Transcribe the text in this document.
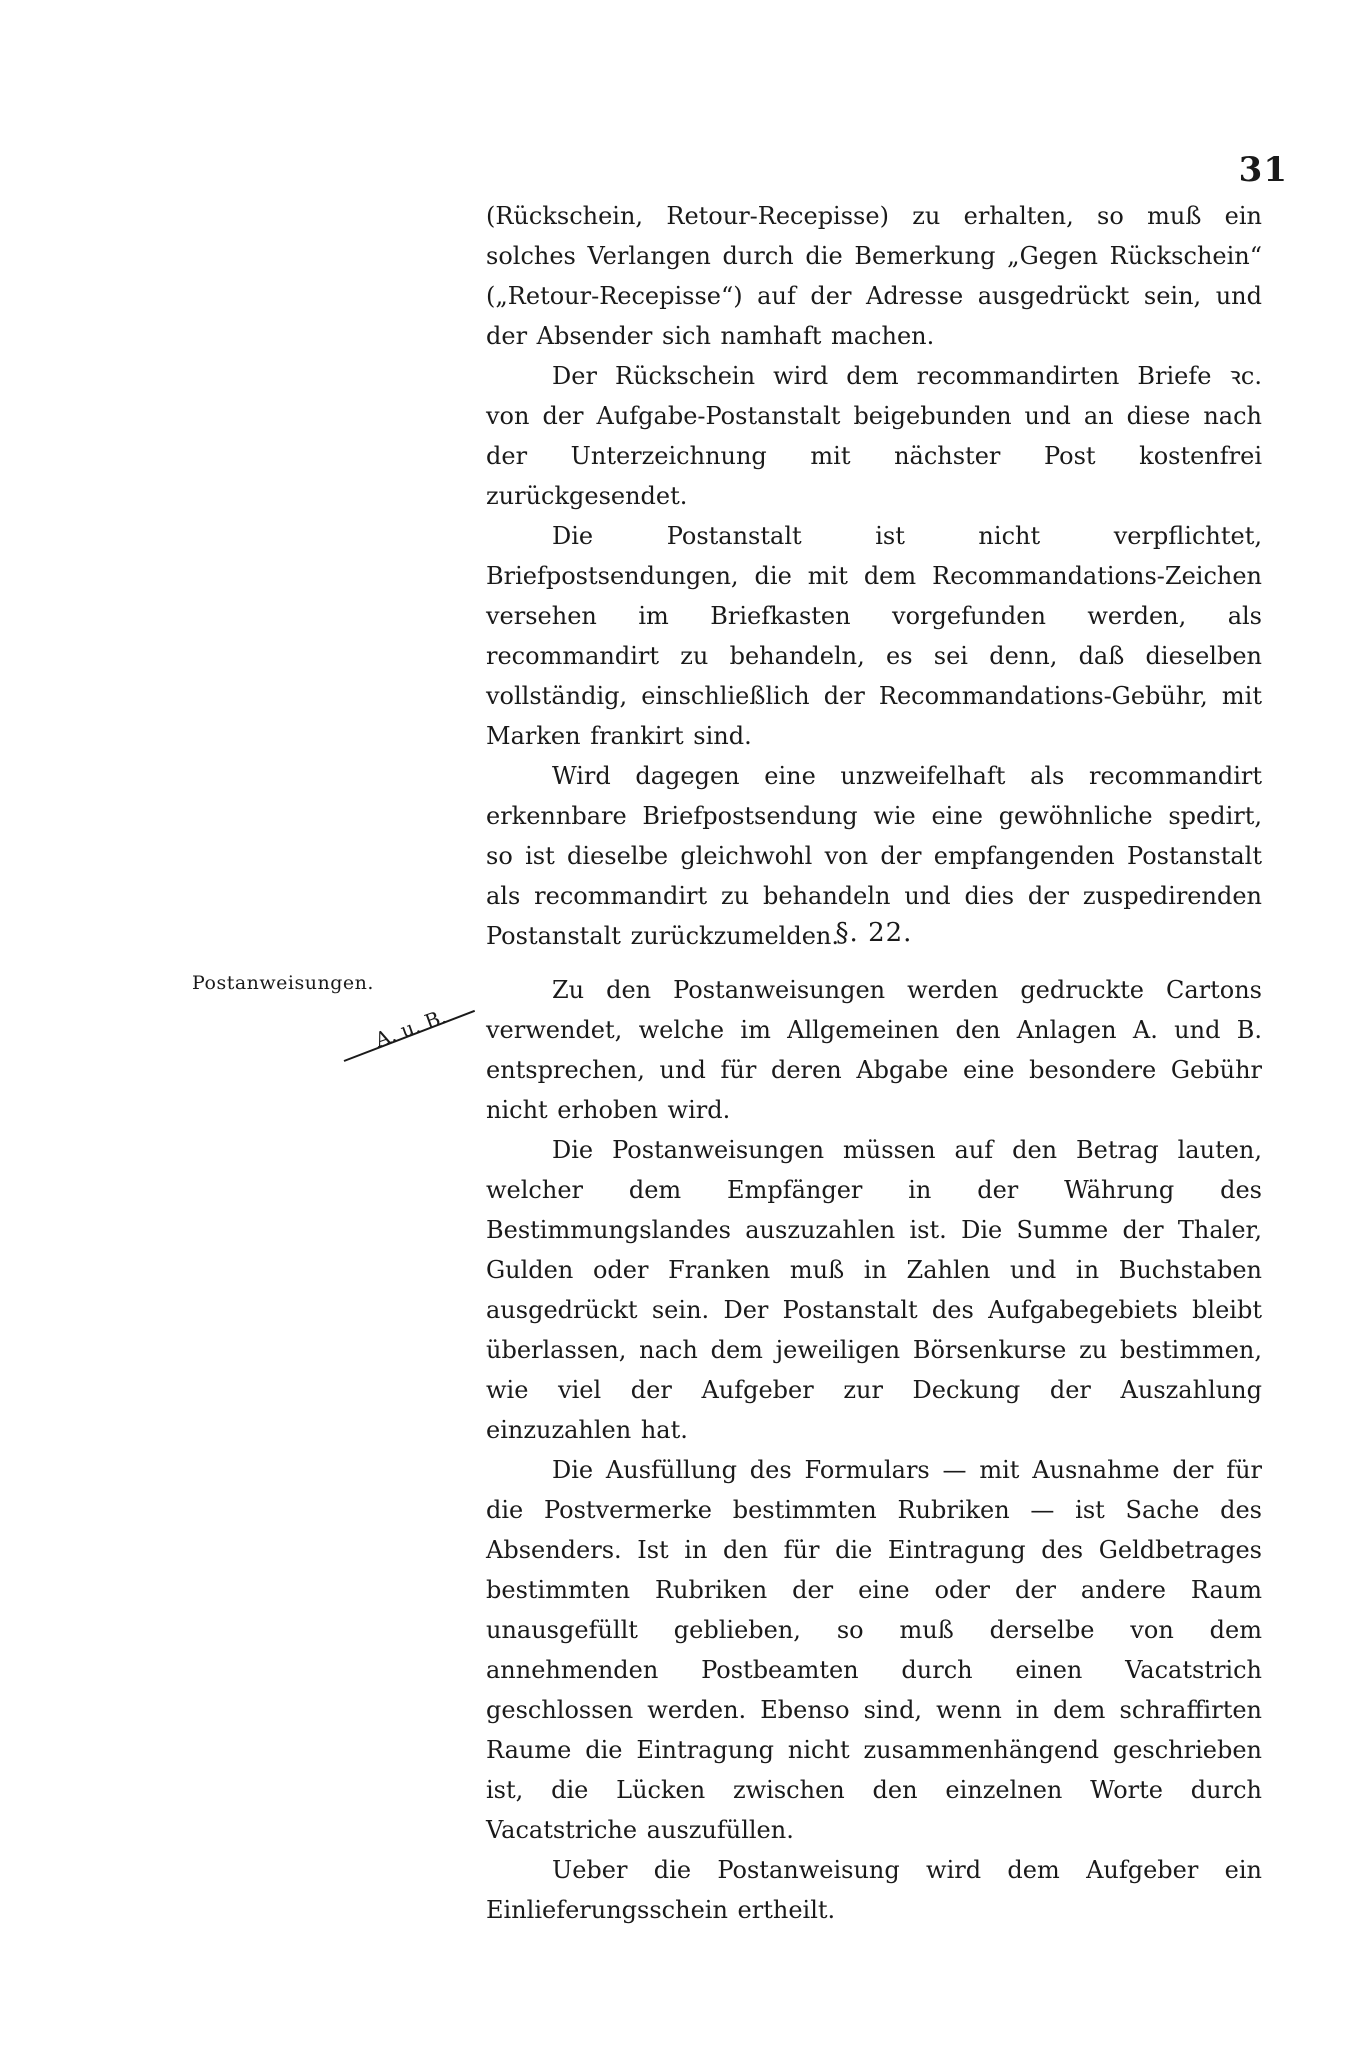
31

(Rückschein, Retour-Recepisse) zu erhalten, so muß ein solches Verlangen durch die Bemerkung „Gegen Rückschein“ („Retour-Recepisse“) auf der Adresse ausgedrückt sein, und der Absender sich namhaft machen.

Der Rückschein wird dem recommandirten Briefe ꝛc. von der Aufgabe-Postanstalt beigebunden und an diese nach der Unterzeichnung mit nächster Post kostenfrei zurückgesendet.

Die Postanstalt ist nicht verpflichtet, Briefpostsendungen, die mit dem Recommandations-Zeichen versehen im Briefkasten vorgefunden werden, als recommandirt zu behandeln, es sei denn, daß dieselben vollständig, einschließlich der Recommandations-Gebühr, mit Marken frankirt sind.

Wird dagegen eine unzweifelhaft als recommandirt erkennbare Briefpostsendung wie eine gewöhnliche spedirt, so ist dieselbe gleichwohl von der empfangenden Postanstalt als recommandirt zu behandeln und dies der zuspedirenden Postanstalt zurückzumelden.

§. 22.
Postanweisungen.
A. u. B.

Zu den Postanweisungen werden gedruckte Cartons verwendet, welche im Allgemeinen den Anlagen A. und B. entsprechen, und für deren Abgabe eine besondere Gebühr nicht erhoben wird.

Die Postanweisungen müssen auf den Betrag lauten, welcher dem Empfänger in der Währung des Bestimmungslandes auszuzahlen ist. Die Summe der Thaler, Gulden oder Franken muß in Zahlen und in Buchstaben ausgedrückt sein. Der Postanstalt des Aufgabegebiets bleibt überlassen, nach dem jeweiligen Börsenkurse zu bestimmen, wie viel der Aufgeber zur Deckung der Auszahlung einzuzahlen hat.

Die Ausfüllung des Formulars — mit Ausnahme der für die Postvermerke bestimmten Rubriken — ist Sache des Absenders. Ist in den für die Eintragung des Geldbetrages bestimmten Rubriken der eine oder der andere Raum unausgefüllt geblieben, so muß derselbe von dem annehmenden Postbeamten durch einen Vacatstrich geschlossen werden. Ebenso sind, wenn in dem schraffirten Raume die Eintragung nicht zusammenhängend geschrieben ist, die Lücken zwischen den einzelnen Worte durch Vacatstriche auszufüllen.

Ueber die Postanweisung wird dem Aufgeber ein Einlieferungsschein ertheilt.
